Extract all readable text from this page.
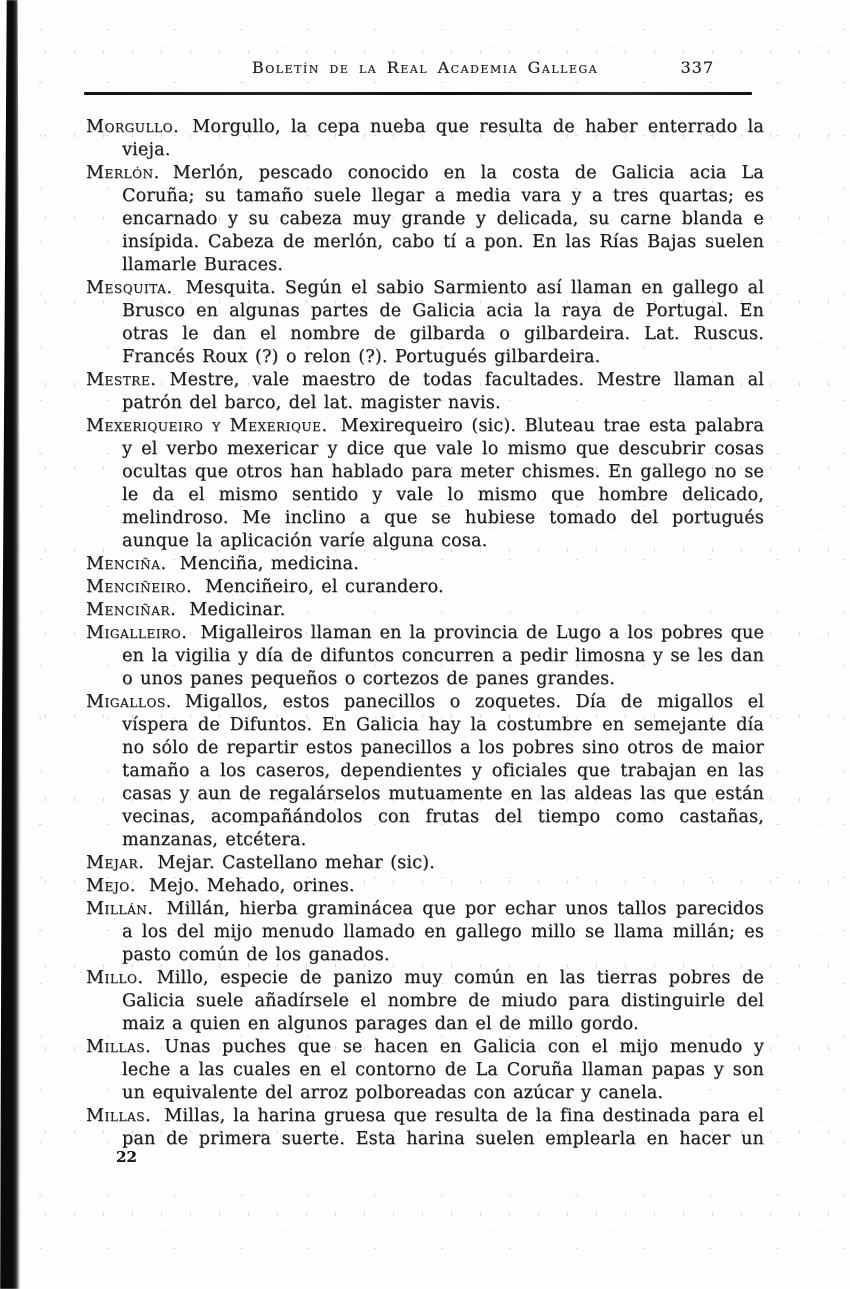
Boletín de la Real Academia Gallega	337

Morgullo. Morgullo, la cepa nueba que resulta de haber enterrado la vieja.

Merlón. Merlón, pescado conocido en la costa de Galicia acia La Coruña; su tamaño suele llegar a media vara y a tres quartas; es encarnado y su cabeza muy grande y delicada, su carne blanda e insípida. Cabeza de merlón, cabo tí a pon. En las Rías Bajas suelen llamarle Buraces.

Mesquita. Mesquita. Según el sabio Sarmiento así llaman en gallego al Brusco en algunas partes de Galicia acia la raya de Portugal. En otras le dan el nombre de gilbarda o gilbardeira. Lat. Ruscus. Francés Roux (?) o relon (?). Portugués gilbardeira.

Mestre. Mestre, vale maestro de todas facultades. Mestre llaman al patrón del barco, del lat. magister navis.

Mexeriqueiro y Mexerique. Mexirequeiro (sic). Bluteau trae esta palabra y el verbo mexericar y dice que vale lo mismo que descubrir cosas ocultas que otros han hablado para meter chismes. En gallego no se le da el mismo sentido y vale lo mismo que hombre delicado, melindroso. Me inclino a que se hubiese tomado del portugués aunque la aplicación varíe alguna cosa.

Menciña. Menciña, medicina.

Menciñeiro. Menciñeiro, el curandero.

Menciñar. Medicinar.

Migalleiro. Migalleiros llaman en la provincia de Lugo a los pobres que en la vigilia y día de difuntos concurren a pedir limosna y se les dan o unos panes pequeños o cortezos de panes grandes.

Migallos. Migallos, estos panecillos o zoquetes. Día de migallos el víspera de Difuntos. En Galicia hay la costumbre en semejante día no sólo de repartir estos panecillos a los pobres sino otros de maior tamaño a los caseros, dependientes y oficiales que trabajan en las casas y aun de regalárselos mutuamente en las aldeas las que están vecinas, acompañándolos con frutas del tiempo como castañas, manzanas, etcétera.

Mejar. Mejar. Castellano mehar (sic).

Mejo. Mejo. Mehado, orines.

Millán. Millán, hierba graminácea que por echar unos tallos parecidos a los del mijo menudo llamado en gallego millo se llama millán; es pasto común de los ganados.

Millo. Millo, especie de panizo muy común en las tierras pobres de Galicia suele añadírsele el nombre de miudo para distinguirle del maiz a quien en algunos parages dan el de millo gordo.

Millas. Unas puches que se hacen en Galicia con el mijo menudo y leche a las cuales en el contorno de La Coruña llaman papas y son un equivalente del arroz polboreadas con azúcar y canela.

Millas. Millas, la harina gruesa que resulta de la fina destinada para el pan de primera suerte. Esta harina suelen emplearla en hacer un

22
